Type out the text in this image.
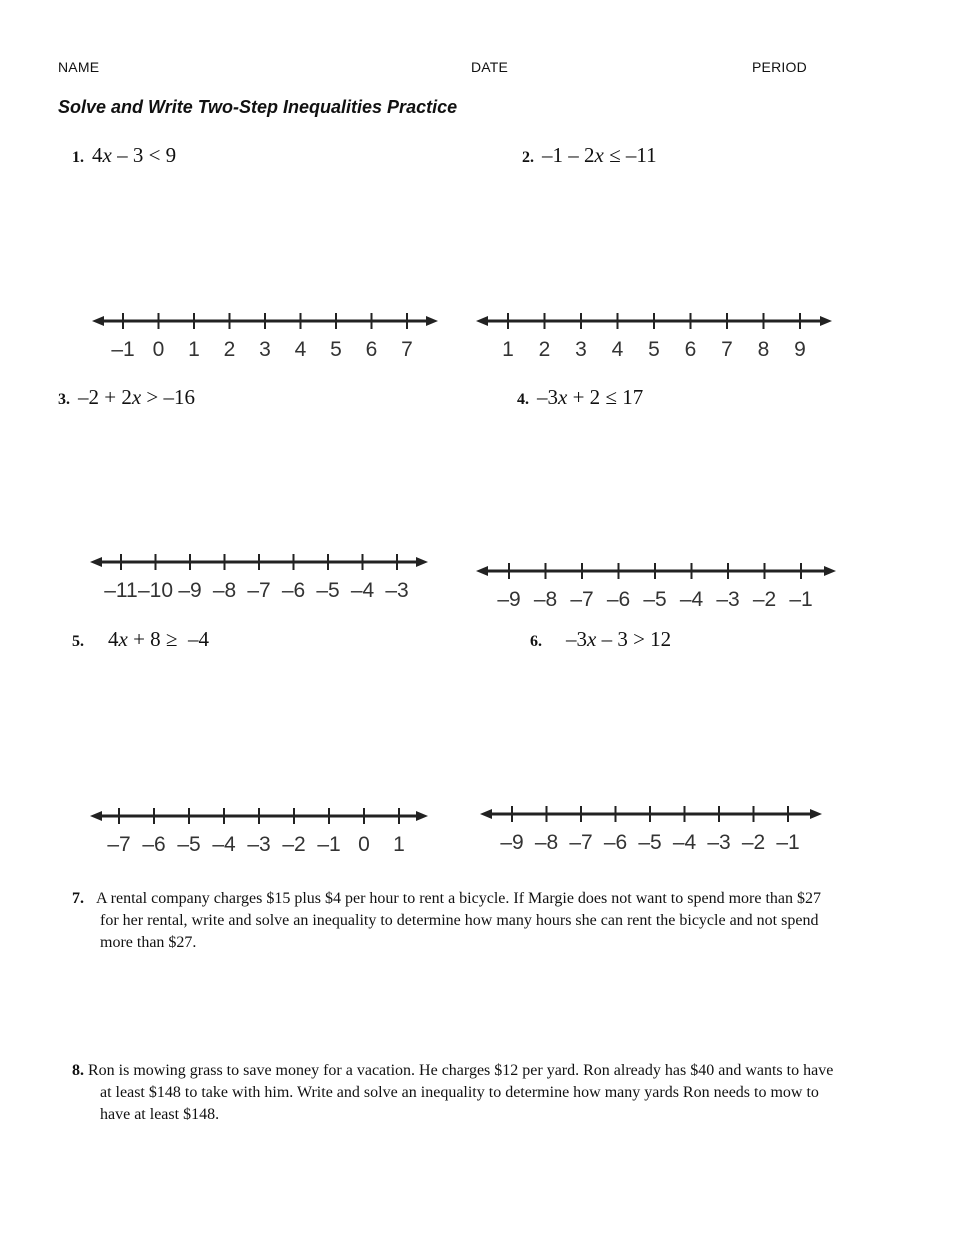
NAME	DATE	PERIOD
Solve and Write Two-Step Inequalities Practice
1. 4x – 3 < 9	2. –1 – 2x ≤ –11
3. –2 + 2x > –16	4. –3x + 2 ≤ 17
5. 4x + 8 ≥  –4	6. –3x – 3 > 12
–1 0 1 2 3 4 5 6 7	1 2 3 4 5 6 7 8 9
–11 –10 –9 –8 –7 –6 –5 –4 –3	–9 –8 –7 –6 –5 –4 –3 –2 –1
–7 –6 –5 –4 –3 –2 –1 0 1	–9 –8 –7 –6 –5 –4 –3 –2 –1
7. A rental company charges $15 plus $4 per hour to rent a bicycle. If Margie does not want to spend more than $27
for her rental, write and solve an inequality to determine how many hours she can rent the bicycle and not spend
more than $27.
8. Ron is mowing grass to save money for a vacation. He charges $12 per yard. Ron already has $40 and wants to have
at least $148 to take with him. Write and solve an inequality to determine how many yards Ron needs to mow to
have at least $148.
